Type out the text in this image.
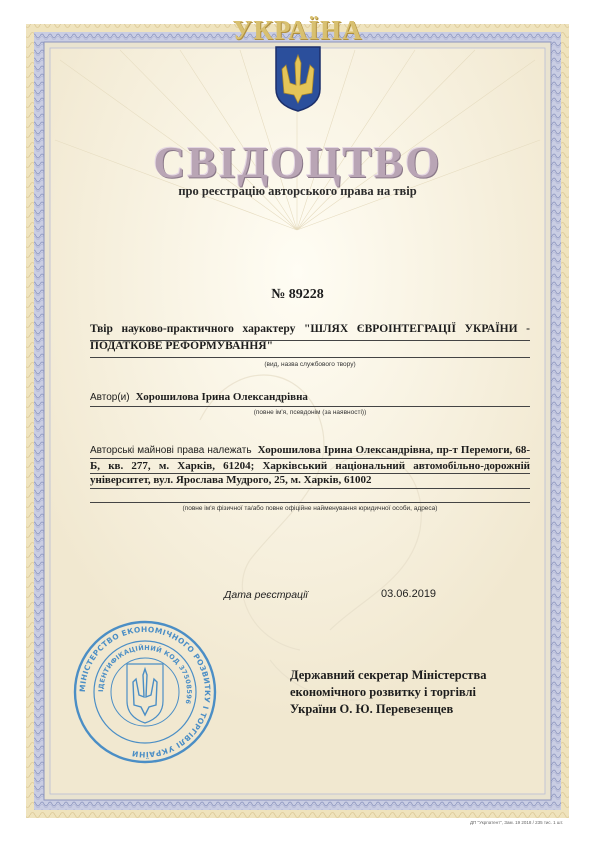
УКРАЇНА
СВІДОЦТВО
про реєстрацію авторського права на твір
№ 89228
Твір науково-практичного характеру "ШЛЯХ ЄВРОІНТЕГРАЦІЇ УКРАЇНИ - ПОДАТКОВЕ РЕФОРМУВАННЯ"
(вид, назва службового твору)
Автор(и) Хорошилова Ірина Олександрівна
(повне ім'я, псевдонім (за наявності))
Авторські майнові права належать Хорошилова Ірина Олександрівна, пр-т Перемоги, 68-Б, кв. 277, м. Харків, 61204; Харківський національний автомобільно-дорожній університет, вул. Ярослава Мудрого, 25, м. Харків, 61002
(повне ім'я фізичної та/або повне офіційне найменування юридичної особи, адреса)
Дата реєстрації	03.06.2019
МІНІСТЕРСТВО ЕКОНОМІЧНОГО РОЗВИТКУ І ТОРГІВЛІ УКРАЇНИ
ІДЕНТИФІКАЦІЙНИЙ КОД 37508596
Державний секретар Міністерства
економічного розвитку і торгівлі
України О. Ю. Перевезенцев
ДП "Укрпатент", Зам. 19 2018 / 235 тис. 1 шт.
